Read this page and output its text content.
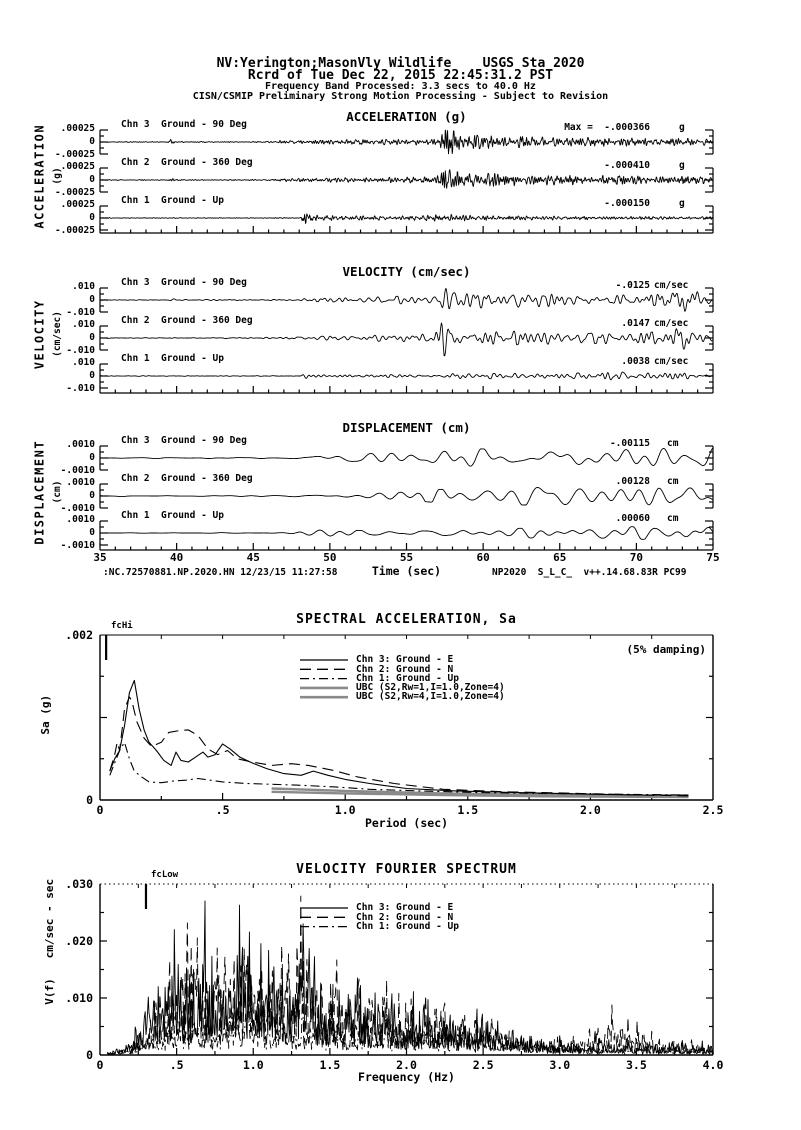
NV:Yerington;MasonVly Wildlife    USGS Sta 2020
Rcrd of Tue Dec 22, 2015 22:45:31.2 PST
Frequency Band Processed: 3.3 secs to 40.0 Hz
CISN/CSMIP Preliminary Strong Motion Processing - Subject to Revision
ACCELERATION (g)
VELOCITY (cm/sec)
DISPLACEMENT (cm)
SPECTRAL ACCELERATION, Sa
VELOCITY FOURIER SPECTRUM
ACCELERATION (g)
VELOCITY (cm/sec)
DISPLACEMENT (cm)
Sa (g)
V(f)   cm/sec - sec
(5% damping)
fcHi
fcLow
:NC.72570881.NP.2020.HN 12/23/15 11:27:58	Time (sec)	NP2020  S_L_C_  v++.14.68.83R PC99
Period (sec)
Frequency (Hz)
Chn 3  Ground - 90 Deg
.00025
0
-.00025
Max =  -.000366	g
Chn 2  Ground - 360 Deg
.00025
0
-.00025
-.000410	g
Chn 1  Ground - Up
.00025
0
-.00025
-.000150	g
Chn 3  Ground - 90 Deg
.010
0
-.010
-.0125 cm/sec
Chn 2  Ground - 360 Deg
.010
0
-.010
.0147 cm/sec
Chn 1  Ground - Up
.010
0
-.010
.0038 cm/sec
Chn 3  Ground - 90 Deg
.0010
0
-.0010
-.00115 cm
Chn 2  Ground - 360 Deg
.0010
0
-.0010
.00128 cm
Chn 1  Ground - Up
.0010
0
-.0010
.00060 cm
35	40	45	50	55	60	65	70	75
0	.5	1.0	1.5	2.0	2.5
.002
0
Chn 3: Ground - E
Chn 2: Ground - N
Chn 1: Ground - Up
UBC (S2,Rw=1,I=1.0,Zone=4)
UBC (S2,Rw=4,I=1.0,Zone=4)
0	.5	1.0	1.5	2.0	2.5	3.0	3.5	4.0
.030
.020
.010
0
Chn 3: Ground - E
Chn 2: Ground - N
Chn 1: Ground - Up
